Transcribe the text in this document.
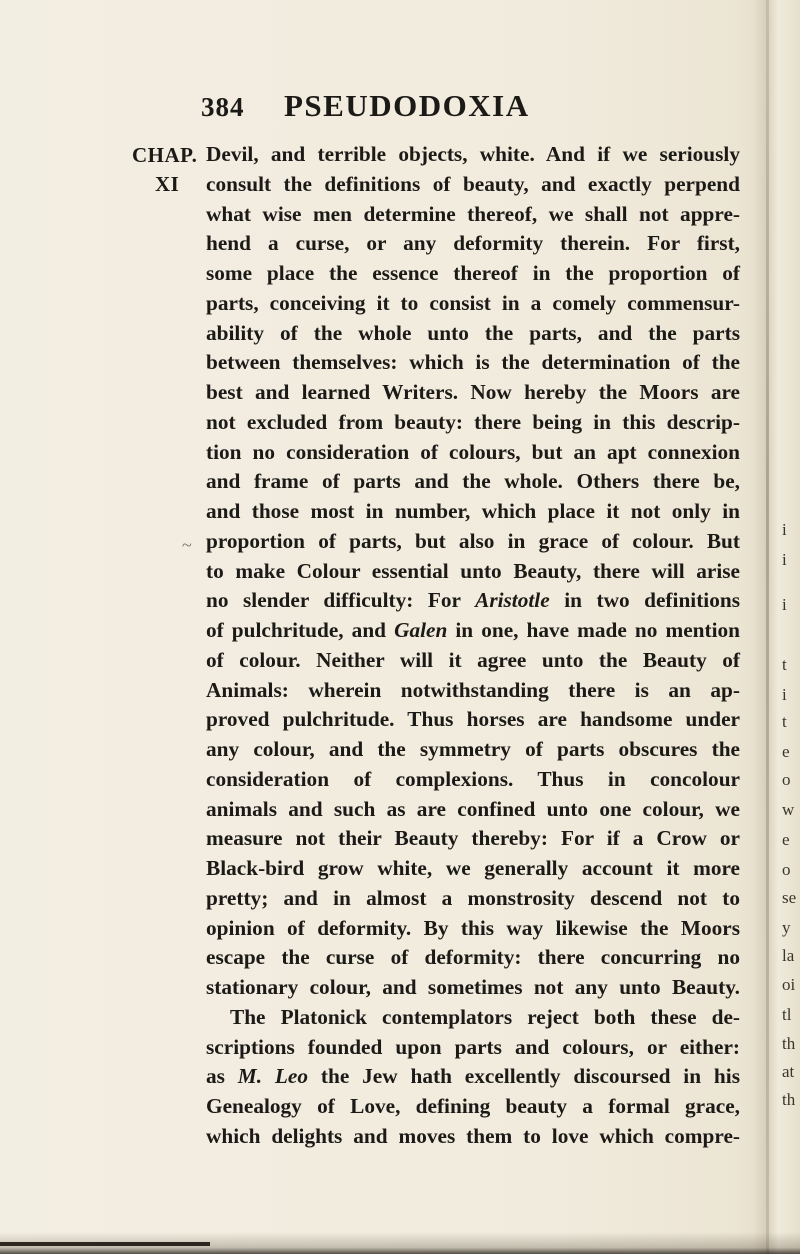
384 PSEUDODOXIA
CHAP.
XI
~
Devil, and terrible objects, white. And if we seriously
consult the definitions of beauty, and exactly perpend
what wise men determine thereof, we shall not appre-
hend a curse, or any deformity therein. For first,
some place the essence thereof in the proportion of
parts, conceiving it to consist in a comely commensur-
ability of the whole unto the parts, and the parts
between themselves: which is the determination of the
best and learned Writers. Now hereby the Moors are
not excluded from beauty: there being in this descrip-
tion no consideration of colours, but an apt connexion
and frame of parts and the whole. Others there be,
and those most in number, which place it not only in
proportion of parts, but also in grace of colour. But
to make Colour essential unto Beauty, there will arise
no slender difficulty: For Aristotle in two definitions
of pulchritude, and Galen in one, have made no mention
of colour. Neither will it agree unto the Beauty of
Animals: wherein notwithstanding there is an ap-
proved pulchritude. Thus horses are handsome under
any colour, and the symmetry of parts obscures the
consideration of complexions. Thus in concolour
animals and such as are confined unto one colour, we
measure not their Beauty thereby: For if a Crow or
Black-bird grow white, we generally account it more
pretty; and in almost a monstrosity descend not to
opinion of deformity. By this way likewise the Moors
escape the curse of deformity: there concurring no
stationary colour, and sometimes not any unto Beauty.
The Platonick contemplators reject both these de-
scriptions founded upon parts and colours, or either:
as M. Leo the Jew hath excellently discoursed in his
Genealogy of Love, defining beauty a formal grace,
which delights and moves them to love which compre-
i
i
i
t
i
t
e
o
w
e
o
se
y
la
oi
tl
th
at
th
